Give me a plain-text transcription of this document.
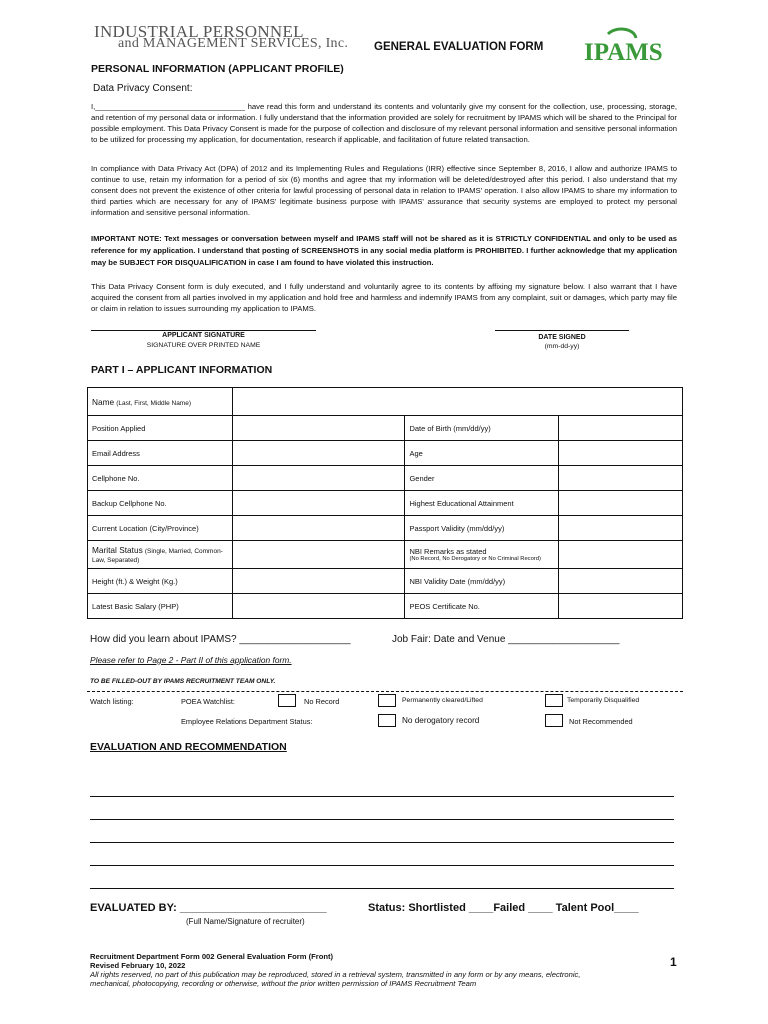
INDUSTRIAL PERSONNEL
and MANAGEMENT SERVICES, Inc. GENERAL EVALUATION FORM IPAMS
PERSONAL INFORMATION (APPLICANT PROFILE)
Data Privacy Consent:
I,___________________________________ have read this form and understand its contents and voluntarily give my consent for the collection, use, processing, storage, and retention of my personal data or information. I fully understand that the information provided are solely for recruitment by IPAMS which will be shared to the Principal for possible employment. This Data Privacy Consent is made for the purpose of collection and disclosure of my relevant personal information and sensitive personal information to be utilized for processing my application, for documentation, research if applicable, and facilitation of future related transaction.
In compliance with Data Privacy Act (DPA) of 2012 and its Implementing Rules and Regulations (IRR) effective since September 8, 2016, I allow and authorize IPAMS to continue to use, retain my information for a period of six (6) months and agree that my information will be deleted/destroyed after this period. I also understand that my consent does not prevent the existence of other criteria for lawful processing of personal data in relation to IPAMS' operation. I also allow IPAMS to share my information to third parties which are necessary for any of IPAMS' legitimate business purpose with IPAMS' assurance that security systems are employed to protect my personal information and sensitive personal information.
IMPORTANT NOTE: Text messages or conversation between myself and IPAMS staff will not be shared as it is STRICTLY CONFIDENTIAL and only to be used as reference for my application. I understand that posting of SCREENSHOTS in any social media platform is PROHIBITED. I further acknowledge that my application may be SUBJECT FOR DISQUALIFICATION in case I am found to have violated this instruction.
This Data Privacy Consent form is duly executed, and I fully understand and voluntarily agree to its contents by affixing my signature below. I also warrant that I have acquired the consent from all parties involved in my application and hold free and harmless and indemnify IPAMS from any complaint, suit or damages, which party may file or claim in relation to issues surrounding my application to IPAMS.
APPLICANT SIGNATURE
SIGNATURE OVER PRINTED NAME
DATE SIGNED
(mm-dd-yy)
PART I – APPLICANT INFORMATION
Name (Last, First, Middle Name)			
Position Applied		Date of Birth (mm/dd/yy)	
Email Address		Age	
Cellphone No.		Gender	
Backup Cellphone No.		Highest Educational Attainment	
Current Location (City/Province)		Passport Validity (mm/dd/yy)	
Marital Status (Single, Married, Common-Law, Separated)		NBI Remarks as stated
(No Record, No Derogatory or No Criminal Record)	

Height (ft.) & Weight (Kg.)		NBI Validity Date (mm/dd/yy)	
Latest Basic Salary (PHP)		PEOS Certificate No.	
How did you learn about IPAMS? ____________________	Job Fair: Date and Venue ____________________
Please refer to Page 2 - Part II of this application form.
TO BE FILLED-OUT BY IPAMS RECRUITMENT TEAM ONLY.
Watch listing:	POEA Watchlist:	No Record	Permanently cleared/Lifted	Temporarily Disqualified
Employee Relations Department Status:	No derogatory record	Not Recommended
EVALUATION AND RECOMMENDATION
EVALUATED BY: ________________________	Status: Shortlisted ____Failed ____ Talent Pool____
(Full Name/Signature of recruiter)
Recruitment Department Form 002 General Evaluation Form (Front)
Revised February 10, 2022
All rights reserved, no part of this publication may be reproduced, stored in a retrieval system, transmitted in any form or by any means, electronic,
mechanical, photocopying, recording or otherwise, without the prior written permission of IPAMS Recruitment Team
1
